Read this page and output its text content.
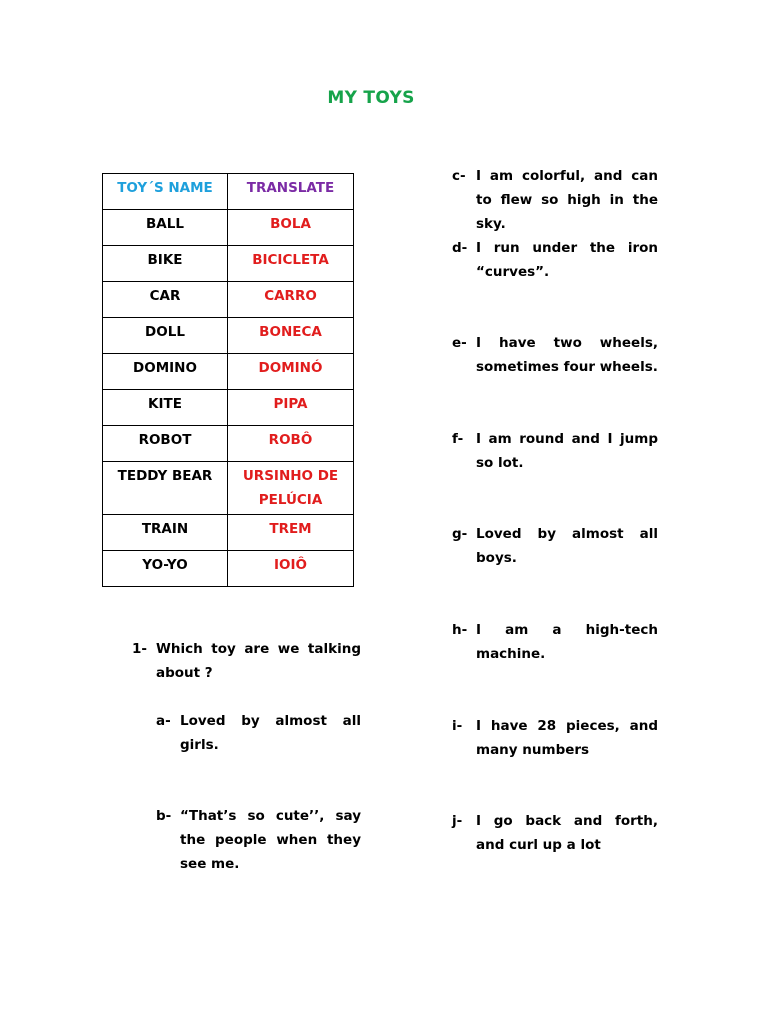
MY TOYS
TOY´S NAME	TRANSLATE
BALL	BOLA
BIKE	BICICLETA
CAR	CARRO
DOLL	BONECA
DOMINO	DOMINÓ
KITE	PIPA
ROBOT	ROBÔ
TEDDY BEAR	URSINHO DE PELÚCIA
TRAIN	TREM
YO-YO	IOIÔ
1- Which toy are we talking about ?
a- Loved by almost all girls.
b- “That’s so cute’’, say the people when they see me.
c- I am colorful, and can to flew so high in the sky.
d- I run under the iron “curves”.
e- I have two wheels, sometimes four wheels.
f- I am round and I jump so lot.
g- Loved by almost all boys.
h- I am a high-tech machine.
i- I have 28 pieces, and many numbers
j- I go back and forth, and curl up a lot
